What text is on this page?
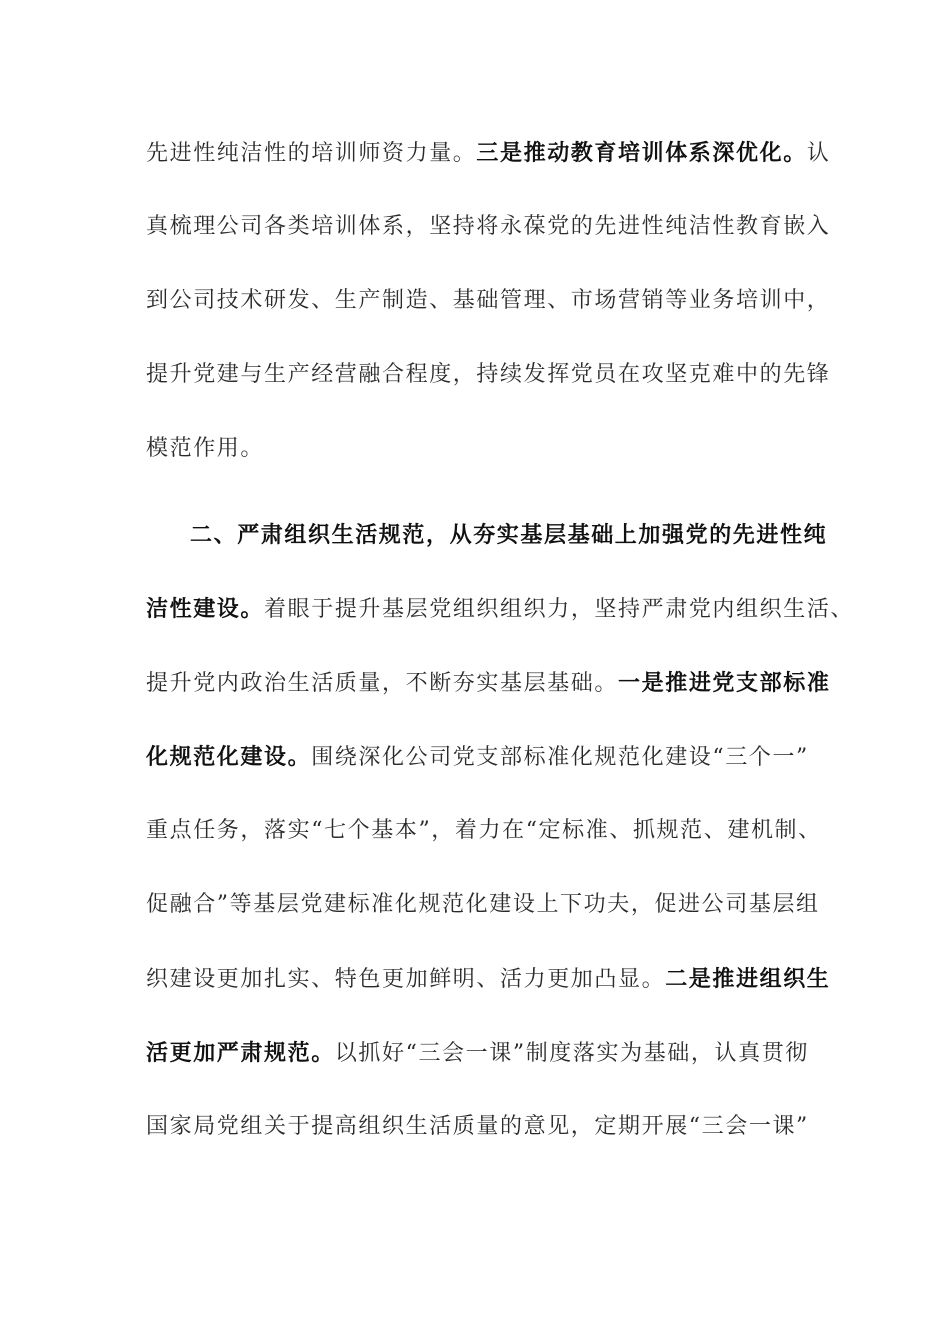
先进性纯洁性的培训师资力量。三是推动教育培训体系深优化。认
真梳理公司各类培训体系，坚持将永葆党的先进性纯洁性教育嵌入
到公司技术研发、生产制造、基础管理、市场营销等业务培训中，
提升党建与生产经营融合程度，持续发挥党员在攻坚克难中的先锋
模范作用。
二、严肃组织生活规范，从夯实基层基础上加强党的先进性纯
洁性建设。着眼于提升基层党组织组织力，坚持严肃党内组织生活、
提升党内政治生活质量，不断夯实基层基础。一是推进党支部标准
化规范化建设。围绕深化公司党支部标准化规范化建设“三个一”
重点任务，落实“七个基本”，着力在“定标准、抓规范、建机制、
促融合”等基层党建标准化规范化建设上下功夫，促进公司基层组
织建设更加扎实、特色更加鲜明、活力更加凸显。二是推进组织生
活更加严肃规范。以抓好“三会一课”制度落实为基础，认真贯彻
国家局党组关于提高组织生活质量的意见，定期开展“三会一课”
